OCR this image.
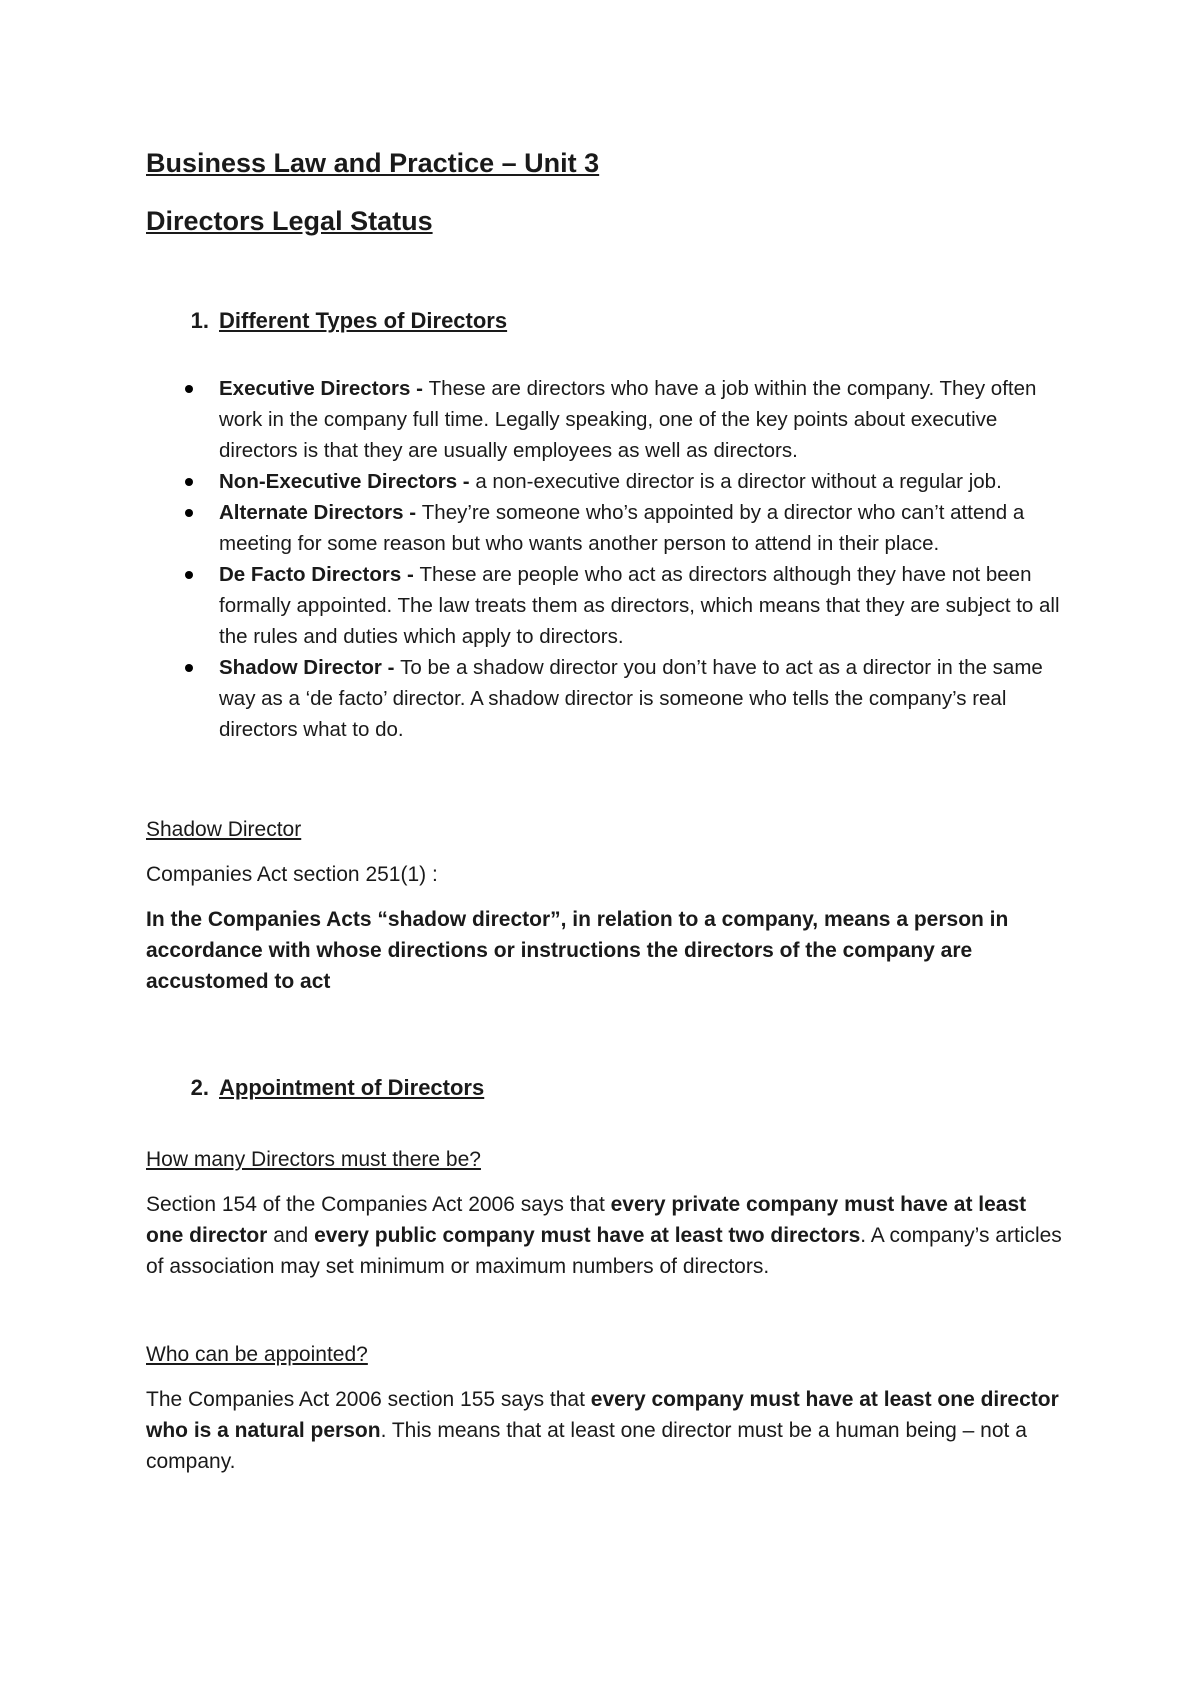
Business Law and Practice – Unit 3
Directors Legal Status
1. Different Types of Directors
Executive Directors - These are directors who have a job within the company. They often work in the company full time. Legally speaking, one of the key points about executive directors is that they are usually employees as well as directors.
Non-Executive Directors - a non-executive director is a director without a regular job.
Alternate Directors - They’re someone who’s appointed by a director who can’t attend a meeting for some reason but who wants another person to attend in their place.
De Facto Directors - These are people who act as directors although they have not been formally appointed. The law treats them as directors, which means that they are subject to all the rules and duties which apply to directors.
Shadow Director - To be a shadow director you don’t have to act as a director in the same way as a ‘de facto’ director. A shadow director is someone who tells the company’s real directors what to do.

Shadow Director

Companies Act section 251(1) :

In the Companies Acts “shadow director”, in relation to a company, means a person in accordance with whose directions or instructions the directors of the company are accustomed to act

2. Appointment of Directors

How many Directors must there be?

Section 154 of the Companies Act 2006 says that every private company must have at least one director and every public company must have at least two directors. A company’s articles of association may set minimum or maximum numbers of directors.

Who can be appointed?

The Companies Act 2006 section 155 says that every company must have at least one director who is a natural person. This means that at least one director must be a human being – not a company.
